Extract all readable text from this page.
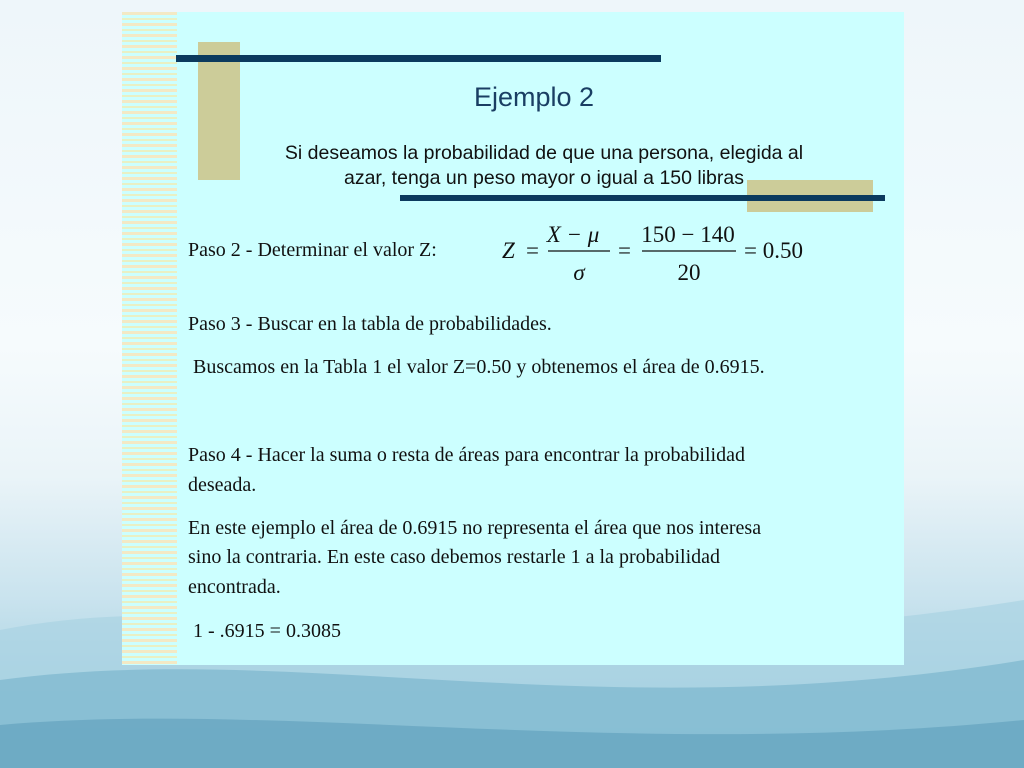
Ejemplo 2
Si deseamos la probabilidad de que una persona, elegida al
azar, tenga un peso mayor o igual a 150 libras
Paso 2 - Determinar el valor Z:	Z =
X − μ
σ
=
150 − 140
20
= 0.50
Paso 3 - Buscar en la tabla de probabilidades.
Buscamos en la Tabla 1 el valor Z=0.50 y obtenemos el área de 0.6915.
Paso 4 - Hacer la suma o resta de áreas para encontrar la probabilidad
deseada.
En este ejemplo el área de 0.6915 no representa el área que nos interesa
sino la contraria. En este caso debemos restarle 1 a la probabilidad
encontrada.
1 - .6915 = 0.3085
